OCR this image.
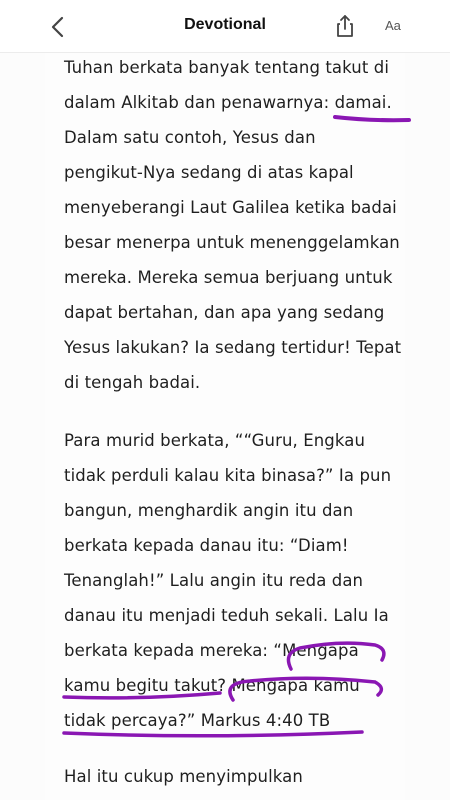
Devotional	Aa
Tuhan berkata banyak tentang takut di
dalam Alkitab dan penawarnya: damai.
Dalam satu contoh, Yesus dan
pengikut-Nya sedang di atas kapal
menyeberangi Laut Galilea ketika badai
besar menerpa untuk menenggelamkan
mereka. Mereka semua berjuang untuk
dapat bertahan, dan apa yang sedang
Yesus lakukan? Ia sedang tertidur! Tepat
di tengah badai.
Para murid berkata, ““Guru, Engkau
tidak perduli kalau kita binasa?” Ia pun
bangun, menghardik angin itu dan
berkata kepada danau itu: “Diam!
Tenanglah!” Lalu angin itu reda dan
danau itu menjadi teduh sekali. Lalu Ia
berkata kepada mereka: “Mengapa
kamu begitu takut? Mengapa kamu
tidak percaya?” Markus 4:40 TB
Hal itu cukup menyimpulkan
